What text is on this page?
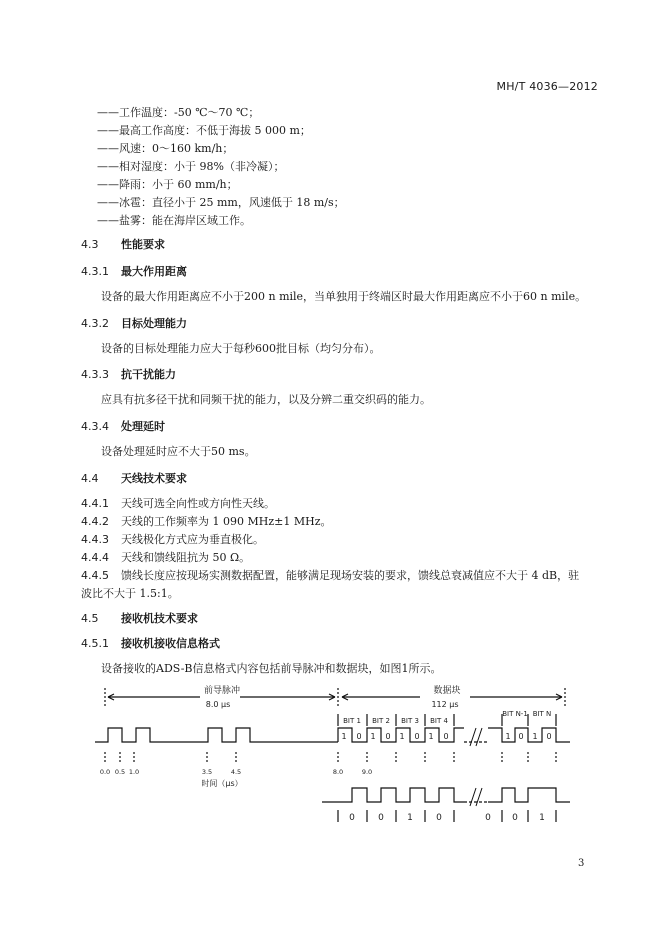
MH/T 4036—2012
——工作温度：-50 ℃～70 ℃；
——最高工作高度：不低于海拔 5 000 m；
——风速：0～160 km/h；
——相对湿度：小于 98%（非冷凝）；
——降雨：小于 60 mm/h；
——冰雹：直径小于 25 mm，风速低于 18 m/s；
——盐雾：能在海岸区域工作。
4.3 性能要求
4.3.1 最大作用距离
设备的最大作用距离应不小于200 n mile，当单独用于终端区时最大作用距离应不小于60 n mile。
4.3.2 目标处理能力
设备的目标处理能力应大于每秒600批目标（均匀分布）。
4.3.3 抗干扰能力
应具有抗多径干扰和同频干扰的能力，以及分辨二重交织码的能力。
4.3.4 处理延时
设备处理延时应不大于50 ms。
4.4 天线技术要求
4.4.1 天线可选全向性或方向性天线。
4.4.2 天线的工作频率为 1 090 MHz±1 MHz。
4.4.3 天线极化方式应为垂直极化。
4.4.4 天线和馈线阻抗为 50 Ω。
4.4.5 馈线长度应按现场实测数据配置，能够满足现场安装的要求，馈线总衰减值应不大于 4 dB，驻
波比不大于 1.5:1。
4.5 接收机技术要求
4.5.1 接收机接收信息格式
设备接收的ADS-B信息格式内容包括前导脉冲和数据块，如图1所示。
前导脉冲
8.0 μs
数据块
112 μs
BIT 1 BIT 2 BIT 3 BIT 4
BIT N-1 BIT N
1 0 1 0 1 0 1 0	1 0 1 0
0.0 0.5 1.0	3.5	4.5	8.0	9.0
时间（μs）
0	0	1	0	0 0 1
3
